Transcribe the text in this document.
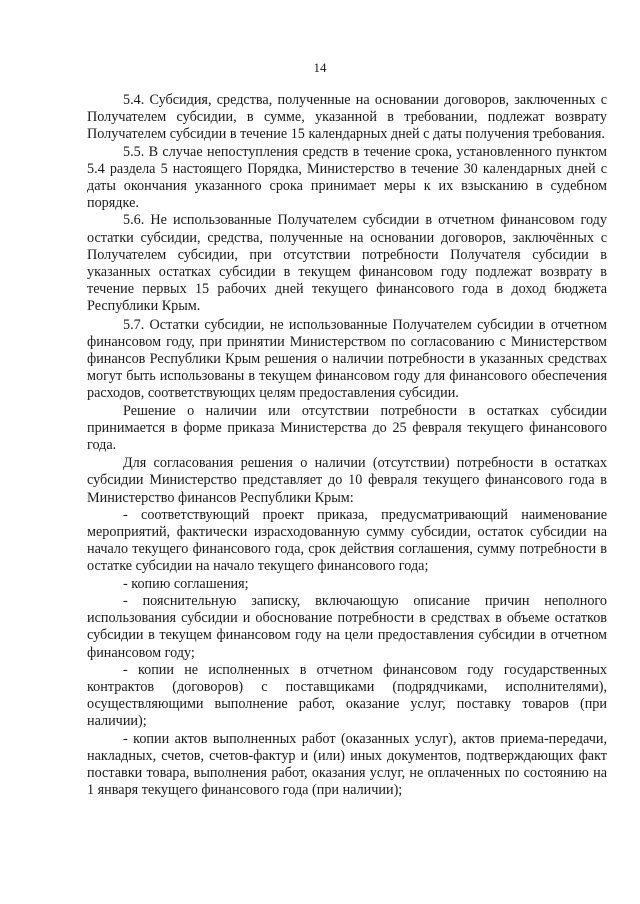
14

5.4. Субсидия, средства, полученные на основании договоров, заключенных с Получателем субсидии, в сумме, указанной в требовании, подлежат возврату Получателем субсидии в течение 15 календарных дней с даты получения требования.

5.5. В случае непоступления средств в течение срока, установленного пунктом 5.4 раздела 5 настоящего Порядка, Министерство в течение 30 календарных дней с даты окончания указанного срока принимает меры к их взысканию в судебном порядке.

5.6. Не использованные Получателем субсидии в отчетном финансовом году остатки субсидии, средства, полученные на основании договоров, заключённых с Получателем субсидии, при отсутствии потребности Получателя субсидии в указанных остатках субсидии в текущем финансовом году подлежат возврату в течение первых 15 рабочих дней текущего финансового года в доход бюджета Республики Крым.

5.7. Остатки субсидии, не использованные Получателем субсидии в отчетном финансовом году, при принятии Министерством по согласованию с Министерством финансов Республики Крым решения о наличии потребности в указанных средствах могут быть использованы в текущем финансовом году для финансового обеспечения расходов, соответствующих целям предоставления субсидии.

Решение о наличии или отсутствии потребности в остатках субсидии принимается в форме приказа Министерства до 25 февраля текущего финансового года.

Для согласования решения о наличии (отсутствии) потребности в остатках субсидии Министерство представляет до 10 февраля текущего финансового года в Министерство финансов Республики Крым:

- соответствующий проект приказа, предусматривающий наименование мероприятий, фактически израсходованную сумму субсидии, остаток субсидии на начало текущего финансового года, срок действия соглашения, сумму потребности в остатке субсидии на начало текущего финансового года;

- копию соглашения;

- пояснительную записку, включающую описание причин неполного использования субсидии и обоснование потребности в средствах в объеме остатков субсидии в текущем финансовом году на цели предоставления субсидии в отчетном финансовом году;

- копии не исполненных в отчетном финансовом году государственных контрактов (договоров) с поставщиками (подрядчиками, исполнителями), осуществляющими выполнение работ, оказание услуг, поставку товаров (при наличии);

- копии актов выполненных работ (оказанных услуг), актов приема-передачи, накладных, счетов, счетов-фактур и (или) иных документов, подтверждающих факт поставки товара, выполнения работ, оказания услуг, не оплаченных по состоянию на 1 января текущего финансового года (при наличии);
